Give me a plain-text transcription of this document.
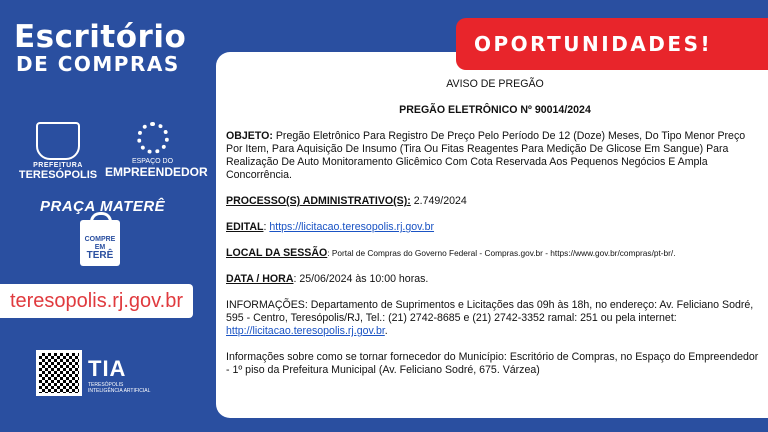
Escritório
DE COMPRAS
PREFEITURA
TERESÓPOLIS
ESPAÇO DO
EMPREENDEDOR
PRAÇA MATERÊ
COMPRE
EM
TERÊ
teresopolis.rj.gov.br
TIA
TERESÓPOLIS
INTELIGÊNCIA ARTIFICIAL
OPORTUNIDADES!

AVISO DE PREGÃO

PREGÃO ELETRÔNICO Nº 90014/2024

OBJETO: Pregão Eletrônico Para Registro De Preço Pelo Período De 12 (Doze) Meses, Do Tipo Menor Preço Por Item, Para Aquisição De Insumo (Tira Ou Fitas Reagentes Para Medição De Glicose Em Sangue) Para Realização De Auto Monitoramento Glicêmico Com Cota Reservada Aos Pequenos Negócios E Ampla Concorrência.

PROCESSO(S) ADMINISTRATIVO(S): 2.749/2024

EDITAL: https://licitacao.teresopolis.rj.gov.br

LOCAL DA SESSÃO: Portal de Compras do Governo Federal - Compras.gov.br - https://www.gov.br/compras/pt-br/.

DATA / HORA: 25/06/2024 às 10:00 horas.

INFORMAÇÕES: Departamento de Suprimentos e Licitações das 09h às 18h, no endereço: Av. Feliciano Sodré, 595 - Centro, Teresópolis/RJ, Tel.: (21) 2742-8685 e (21) 2742-3352 ramal: 251 ou pela internet: http://licitacao.teresopolis.rj.gov.br.

Informações sobre como se tornar fornecedor do Município: Escritório de Compras, no Espaço do Empreendedor - 1º piso da Prefeitura Municipal (Av. Feliciano Sodré, 675. Várzea)
